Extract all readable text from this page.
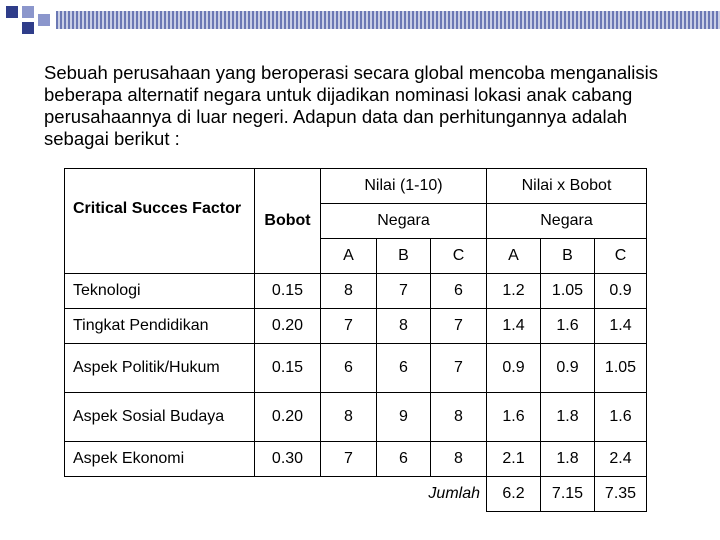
Sebuah perusahaan yang beroperasi secara global mencoba menganalisis beberapa alternatif negara untuk dijadikan nominasi lokasi anak cabang perusahaannya di luar negeri. Adapun data dan perhitungannya adalah sebagai berikut :

Critical Succes Factor	Bobot	Nilai (1-10)			Nilai x Bobot		
		Negara			Negara		
		A	B	C	A	B	C
Teknologi	0.15	8	7	6	1.2	1.05	0.9
Tingkat Pendidikan	0.20	7	8	7	1.4	1.6	1.4
Aspek Politik/Hukum	0.15	6	6	7	0.9	0.9	1.05
Aspek Sosial Budaya	0.20	8	9	8	1.6	1.8	1.6
Aspek Ekonomi	0.30	7	6	8	2.1	1.8	2.4
		Jumlah			6.2	7.15	7.35
